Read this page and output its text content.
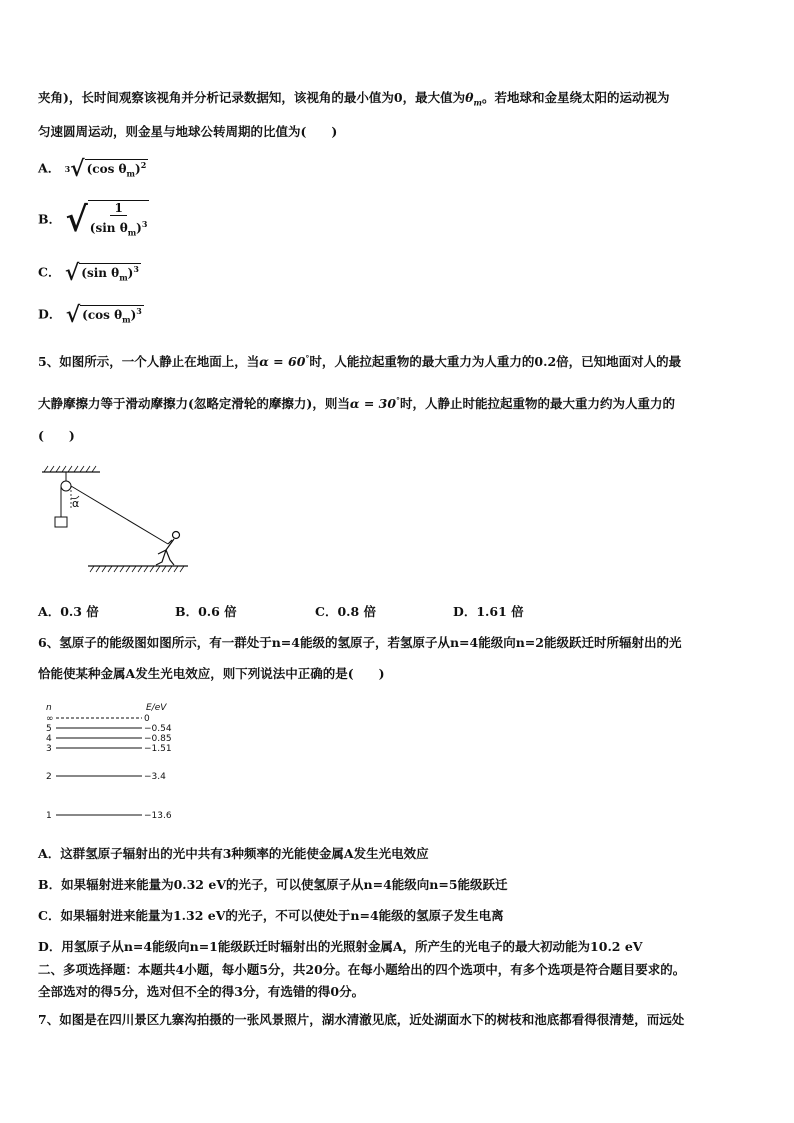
夹角)，长时间观察该视角并分析记录数据知，该视角的最小值为0，最大值为$\theta_m$。若地球和金星绕太阳的运动视为
匀速圆周运动，则金星与地球公转周期的比值为(　　)
A． 3 √ (cos $\theta_m)^2$
B． √ $\frac{1}{(\sin \theta_m)^3}$
C． √ (sin $\theta_m)^3$
D． √ (cos $\theta_m)^3$
5、如图所示，一个人静止在地面上，当α = 60°时，人能拉起重物的最大重力为人重力的0.2倍，已知地面对人的最
大静摩擦力等于滑动摩擦力(忽略定滑轮的摩擦力)，则当α = 30°时，人静止时能拉起重物的最大重力约为人重力的
(　　)
α
A．0.3 倍	B．0.6 倍	C．0.8 倍	D．1.61 倍
6、氢原子的能级图如图所示，有一群处于n=4能级的氢原子，若氢原子从n=4能级向n=2能级跃迁时所辐射出的光
恰能使某种金属A发生光电效应，则下列说法中正确的是(　　)
n	E/eV
∞	0
5	−0.54
4	−0.85
3	−1.51
2	−3.4
1	−13.6
A．这群氢原子辐射出的光中共有3种频率的光能使金属A发生光电效应
B．如果辐射进来能量为0.32 eV的光子，可以使氢原子从n=4能级向n=5能级跃迁
C．如果辐射进来能量为1.32 eV的光子，不可以使处于n=4能级的氢原子发生电离
D．用氢原子从n=4能级向n=1能级跃迁时辐射出的光照射金属A，所产生的光电子的最大初动能为10.2 eV
二、多项选择题：本题共4小题，每小题5分，共20分。在每小题给出的四个选项中，有多个选项是符合题目要求的。
全部选对的得5分，选对但不全的得3分，有选错的得0分。
7、如图是在四川景区九寨沟拍摄的一张风景照片，湖水清澈见底，近处湖面水下的树枝和池底都看得很清楚，而远处
